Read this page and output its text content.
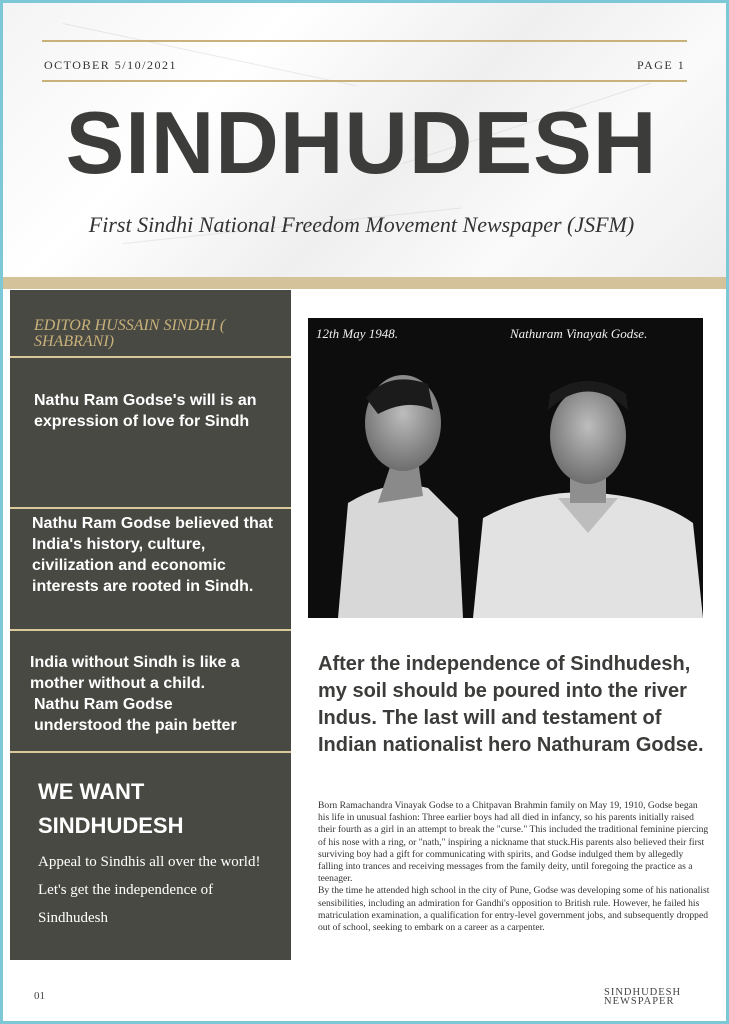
OCTOBER 5/10/2021	PAGE 1
SINDHUDESH
First Sindhi National Freedom Movement Newspaper (JSFM)
EDITOR HUSSAIN SINDHI ( SHABRANI)
Nathu Ram Godse's will is an expression of love for Sindh
Nathu Ram Godse believed that India's history, culture, civilization and economic interests are rooted in Sindh.
India without Sindh is like a mother without a child.
Nathu Ram Godse understood the pain better
WE WANT
SINDHUDESH
Appeal to Sindhis all over the world! Let's get the independence of Sindhudesh
12th May 1948.	Nathuram Vinayak Godse.
After the independence of Sindhudesh, my soil should be poured into the river Indus. The last will and testament of Indian nationalist hero Nathuram Godse.

Born Ramachandra Vinayak Godse to a Chitpavan Brahmin family on May 19, 1910, Godse began his life in unusual fashion: Three earlier boys had all died in infancy, so his parents initially raised their fourth as a girl in an attempt to break the "curse." This included the traditional feminine piercing of his nose with a ring, or "nath," inspiring a nickname that stuck.His parents also believed their first surviving boy had a gift for communicating with spirits, and Godse indulged them by allegedly falling into trances and receiving messages from the family deity, until foregoing the practice as a teenager.

By the time he attended high school in the city of Pune, Godse was developing some of his nationalist sensibilities, including an admiration for Gandhi's opposition to British rule. However, he failed his matriculation examination, a qualification for entry-level government jobs, and subsequently dropped out of school, seeking to embark on a career as a carpenter.

01	SINDHUDESH
NEWSPAPER
